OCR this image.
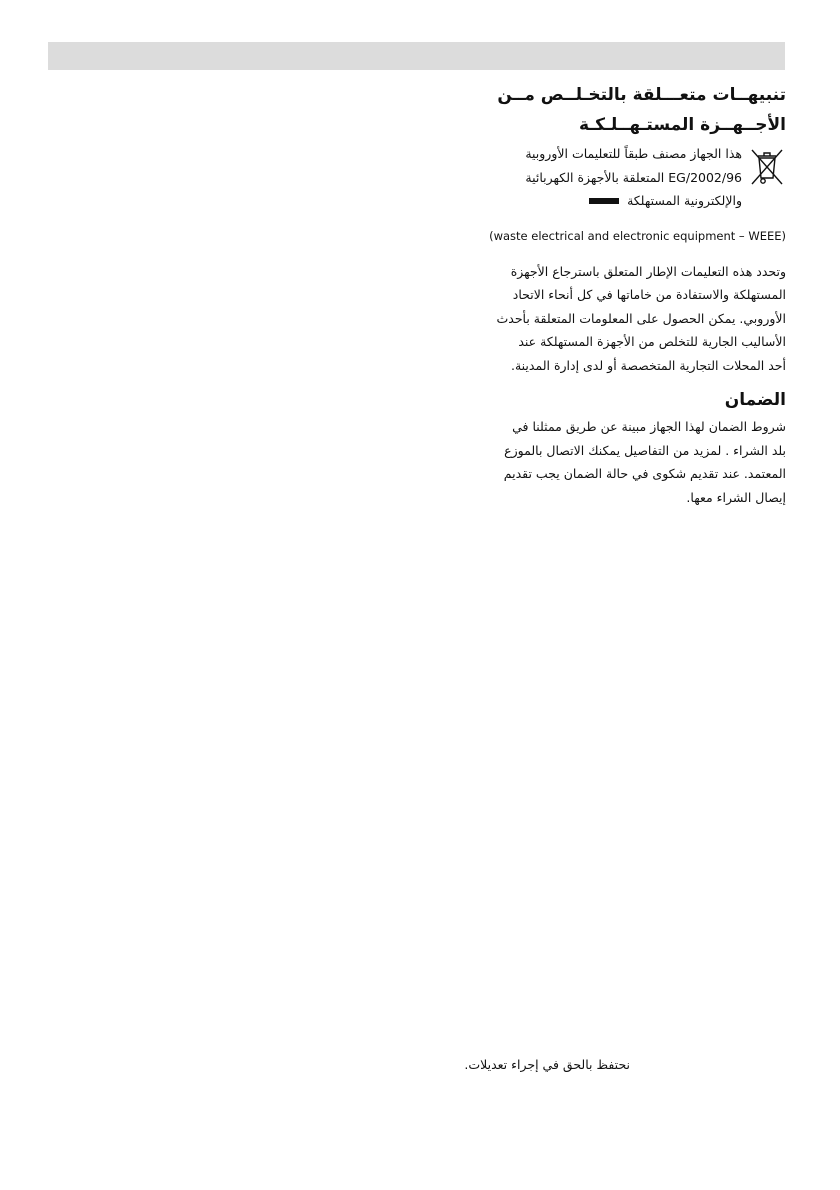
تنبيهــات متعـــلقة بالتخـلــص مــن

الأجــهــزة المستـهــلـكـة

هذا الجهاز مصنف طبقاً للتعليمات الأوروبية

2002/96/EG المتعلقة بالأجهزة الكهربائية

والإلكترونية المستهلكة

(waste electrical and electronic equipment – WEEE)

وتحدد هذه التعليمات الإطار المتعلق باسترجاع الأجهزة

المستهلكة والاستفادة من خاماتها في كل أنحاء الاتحاد

الأوروبي. يمكن الحصول على المعلومات المتعلقة بأحدث

الأساليب الجارية للتخلص من الأجهزة المستهلكة عند

أحد المحلات التجارية المتخصصة أو لدى إدارة المدينة.

الضمان

شروط الضمان لهذا الجهاز مبينة عن طريق ممثلنا في

بلد الشراء . لمزيد من التفاصيل يمكنك الاتصال بالموزع

المعتمد. عند تقديم شكوى في حالة الضمان يجب تقديم

إيصال الشراء معها.

نحتفظ بالحق في إجراء تعديلات.
